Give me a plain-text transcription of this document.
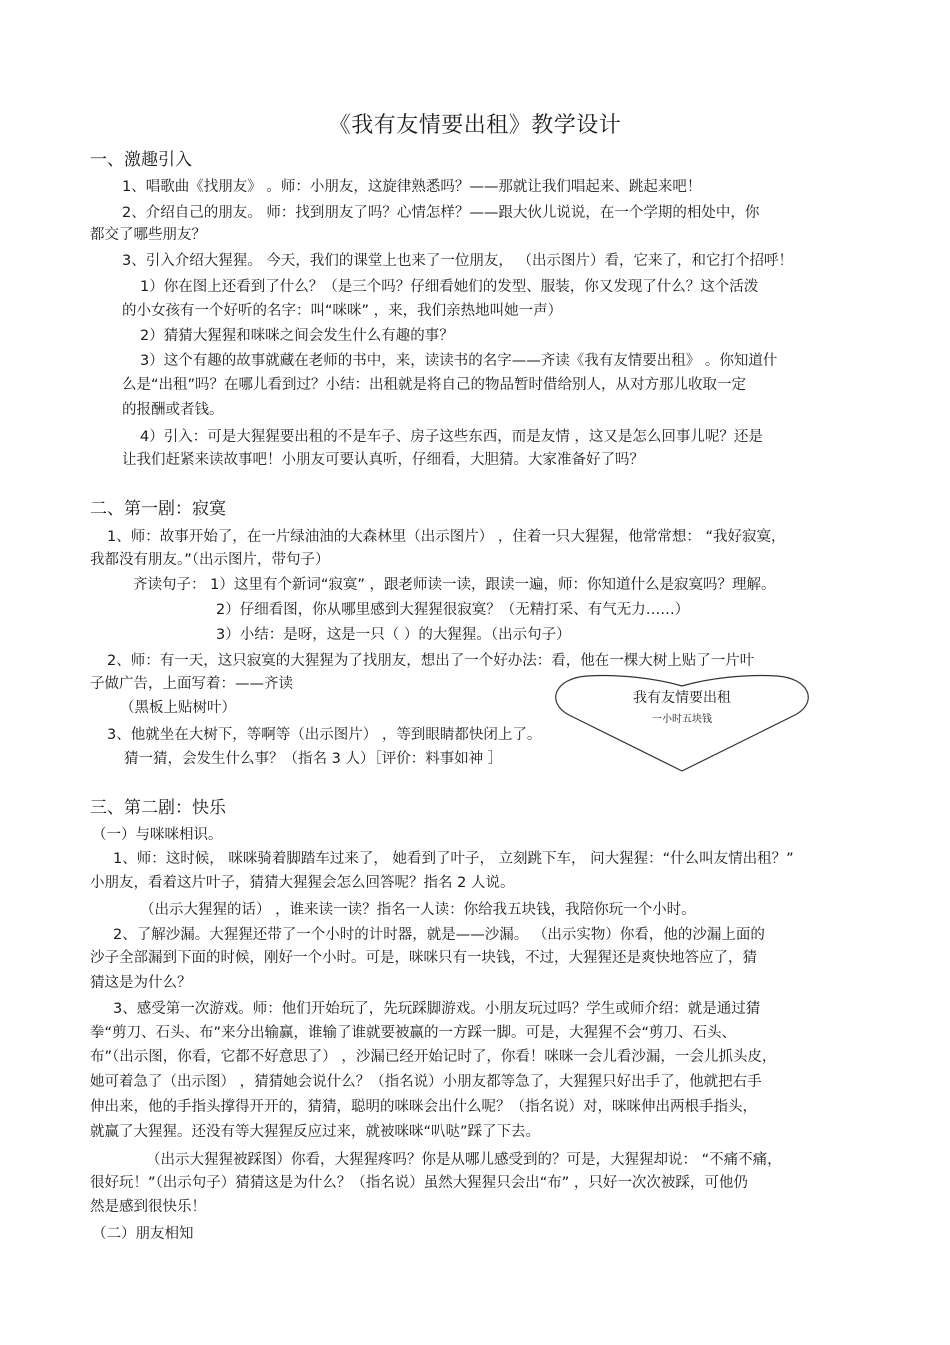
《我有友情要出租》教学设计
一、激趣引入
1、唱歌曲《找朋友》 。师：小朋友，这旋律熟悉吗？——那就让我们唱起来、跳起来吧！
2、介绍自己的朋友。 师：找到朋友了吗？心情怎样？——跟大伙儿说说，在一个学期的相处中，你
都交了哪些朋友？
3、引入介绍大猩猩。 今天，我们的课堂上也来了一位朋友， （出示图片）看，它来了，和它打个招呼！
1）你在图上还看到了什么？（是三个吗？仔细看她们的发型、服装，你又发现了什么？这个活泼
的小女孩有一个好听的名字：叫“咪咪” ，来，我们亲热地叫她一声）
2）猜猜大猩猩和咪咪之间会发生什么有趣的事？
3）这个有趣的故事就藏在老师的书中，来，读读书的名字——齐读《我有友情要出租》 。你知道什
么是“出租”吗？在哪儿看到过？小结：出租就是将自己的物品暂时借给别人，从对方那儿收取一定
的报酬或者钱。
4）引入：可是大猩猩要出租的不是车子、房子这些东西，而是友情 ，这又是怎么回事儿呢？还是
让我们赶紧来读故事吧！小朋友可要认真听，仔细看，大胆猜。大家准备好了吗？
二、第一剧：寂寞
1、师：故事开始了，在一片绿油油的大森林里（出示图片） ，住着一只大猩猩，他常常想： “我好寂寞，
我都没有朋友。”（出示图片，带句子）
齐读句子： 1）这里有个新词“寂寞” ，跟老师读一读，跟读一遍，师：你知道什么是寂寞吗？理解。
2）仔细看图，你从哪里感到大猩猩很寂寞？（无精打采、有气无力……）
3）小结：是呀，这是一只（ ）的大猩猩。（出示句子）
2、师：有一天，这只寂寞的大猩猩为了找朋友，想出了一个好办法：看，他在一棵大树上贴了一片叶
子做广告，上面写着：——齐读
（黑板上贴树叶）
3、他就坐在大树下，等啊等（出示图片） ，等到眼睛都快闭上了。
猜一猜，会发生什么事？（指名 3 人）［评价：料事如神 ］
我有友情要出租
一小时五块钱
三、第二剧：快乐
（一）与咪咪相识。
1、师：这时候， 咪咪骑着脚踏车过来了， 她看到了叶子， 立刻跳下车， 问大猩猩：“什么叫友情出租？”
小朋友，看着这片叶子，猜猜大猩猩会怎么回答呢？指名 2 人说。
（出示大猩猩的话） ，谁来读一读？指名一人读：你给我五块钱，我陪你玩一个小时。
2、了解沙漏。大猩猩还带了一个小时的计时器，就是——沙漏。 （出示实物）你看，他的沙漏上面的
沙子全部漏到下面的时候，刚好一个小时。可是，咪咪只有一块钱，不过，大猩猩还是爽快地答应了，猜
猜这是为什么？
3、感受第一次游戏。师：他们开始玩了，先玩踩脚游戏。小朋友玩过吗？学生或师介绍：就是通过猜
拳“剪刀、石头、布”来分出输赢，谁输了谁就要被赢的一方踩一脚。可是，大猩猩不会“剪刀、石头、
布”（出示图，你看，它都不好意思了） ，沙漏已经开始记时了，你看！咪咪一会儿看沙漏，一会儿抓头皮，
她可着急了（出示图） ，猜猜她会说什么？（指名说）小朋友都等急了，大猩猩只好出手了，他就把右手
伸出来，他的手指头撑得开开的，猜猜，聪明的咪咪会出什么呢？（指名说）对，咪咪伸出两根手指头，
就赢了大猩猩。还没有等大猩猩反应过来，就被咪咪“叭哒”踩了下去。
（出示大猩猩被踩图）你看，大猩猩疼吗？你是从哪儿感受到的？可是，大猩猩却说： “不痛不痛，
很好玩！”（出示句子）猜猜这是为什么？（指名说）虽然大猩猩只会出“布” ，只好一次次被踩，可他仍
然是感到很快乐！
（二）朋友相知
